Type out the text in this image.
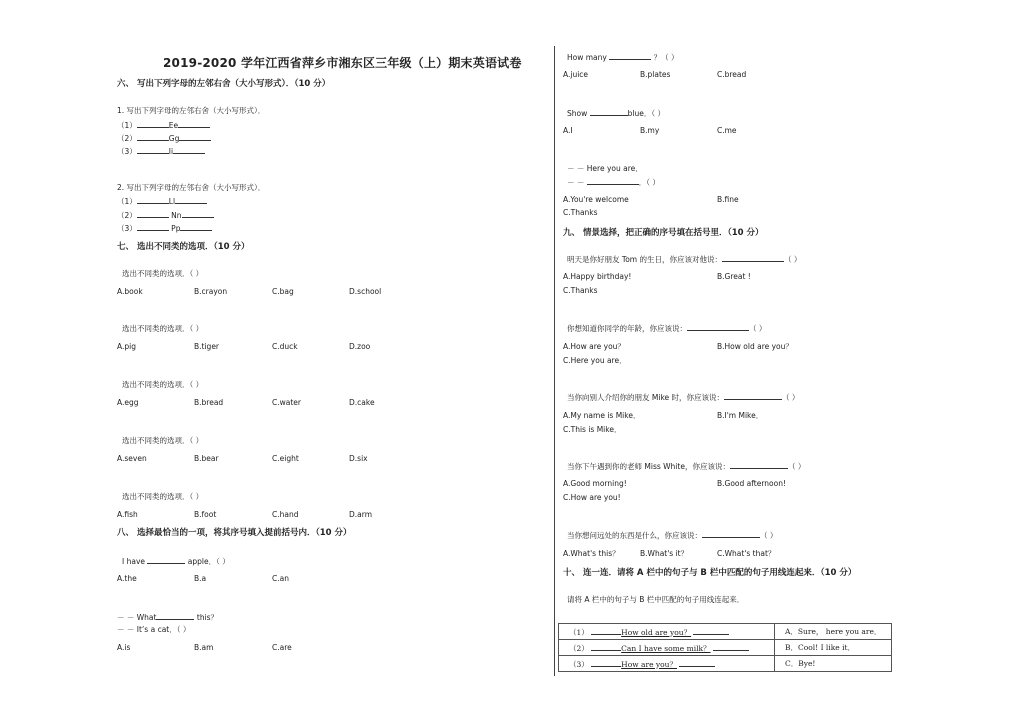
2019-2020 学年江西省萍乡市湘东区三年级（上）期末英语试卷
六、 写出下列字母的左邻右舍（大小写形式）．（10 分）
1. 写出下列字母的左邻右舍（大小写形式）．
（1）	Ee
（2）	Gg
（3）	Ii
2. 写出下列字母的左邻右舍（大小写形式）．
（1）	Ll
（2）	Nn
（3）	Pp
七、 选出不同类的选项．（10 分）
选出不同类的选项．（ ）
A.book	B.crayon	C.bag	D.school
选出不同类的选项．（ ）
A.pig	B.tiger	C.duck	D.zoo
选出不同类的选项．（ ）
A.egg	B.bread	C.water	D.cake
选出不同类的选项．（ ）
A.seven	B.bear	C.eight	D.six
选出不同类的选项．（ ）
A.fish	B.foot	C.hand	D.arm
八、 选择最恰当的一项，将其序号填入提前括号内．（10 分）
I have	apple．（ ）
A.the	B.a	C.an
－ － What	this？
－ － It’s a cat．（ ）
A.is	B.am	C.are
How many	？（ ）
A.juice	B.plates	C.bread
Show	blue．（ ）
A.I	B.my	C.me
－ － Here you are．
－ －	．（ ）
A.You're welcome	B.fine
C.Thanks
九、 情景选择，把正确的序号填在括号里．（10 分）
明天是你好朋友 Tom 的生日，你应该对他说：	（ ）
A.Happy birthday!	B.Great !
C.Thanks
你想知道你同学的年龄，你应该说：	（ ）
A.How are you？	B.How old are you？
C.Here you are．
当你向别人介绍你的朋友 Mike 时，你应该说：	（ ）
A.My name is Mike．	B.I'm Mike．
C.This is Mike．
当你下午遇到你的老师 Miss White，你应该说：	（ ）
A.Good morning!	B.Good afternoon!
C.How are you!
当你想问远处的东西是什么，你应该说：	（ ）
A.What's this？	B.What's it？	C.What's that？
十、 连一连．请将 A 栏中的句子与 B 栏中匹配的句子用线连起来．（10 分）
请将 A 栏中的句子与 B 栏中匹配的句子用线连起来．
（1） How old are you？	A．Sure， here you are．
（2） Can I have some milk？	B．Cool! I like it．
（3） How are you？	C．Bye!
